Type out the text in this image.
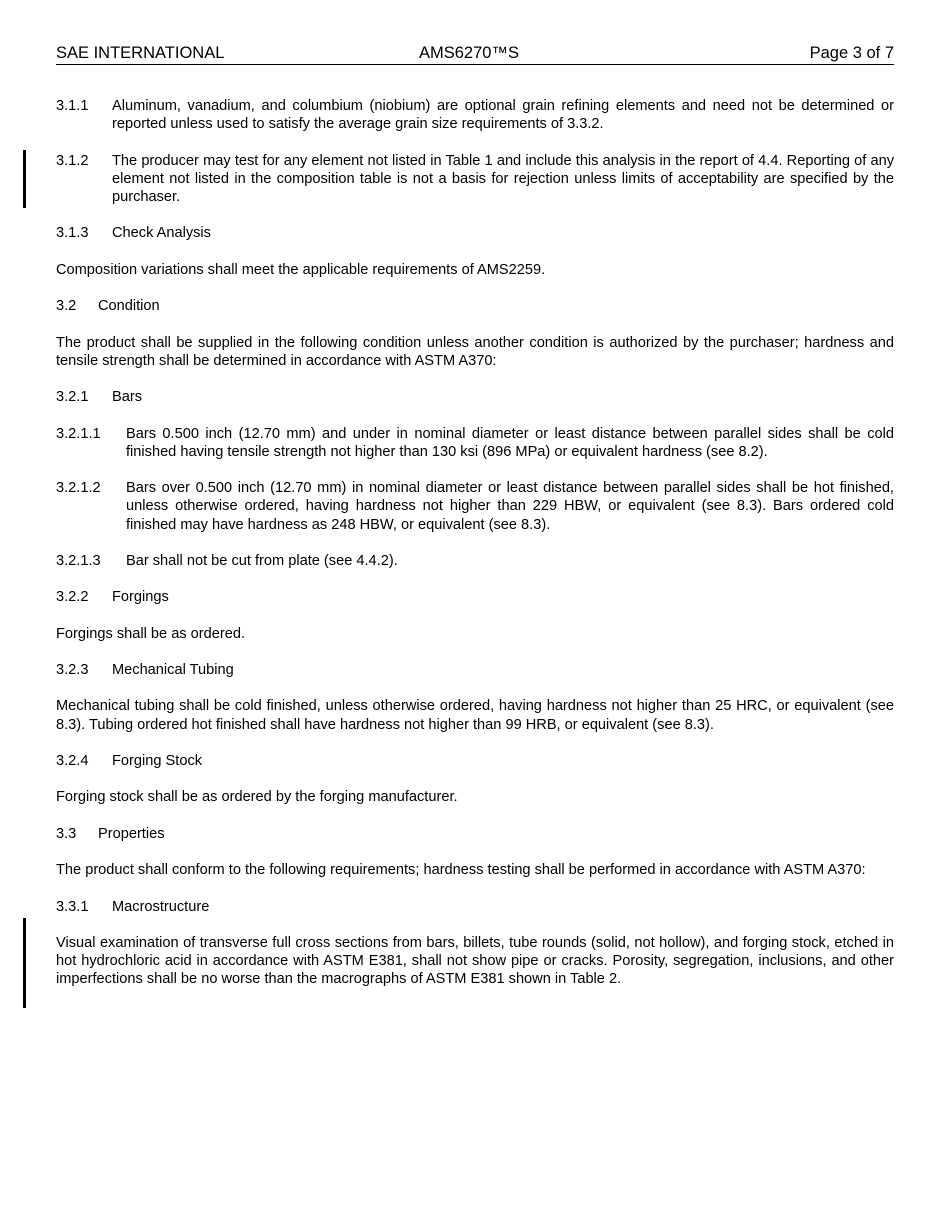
SAE INTERNATIONAL	AMS6270™S	Page 3 of 7
3.1.1 Aluminum, vanadium, and columbium (niobium) are optional grain refining elements and need not be determined or reported unless used to satisfy the average grain size requirements of 3.3.2.
3.1.2 The producer may test for any element not listed in Table 1 and include this analysis in the report of 4.4. Reporting of any element not listed in the composition table is not a basis for rejection unless limits of acceptability are specified by the purchaser.
3.1.3 Check Analysis

Composition variations shall meet the applicable requirements of AMS2259.

3.2 Condition

The product shall be supplied in the following condition unless another condition is authorized by the purchaser; hardness and tensile strength shall be determined in accordance with ASTM A370:

3.2.1 Bars
3.2.1.1 Bars 0.500 inch (12.70 mm) and under in nominal diameter or least distance between parallel sides shall be cold finished having tensile strength not higher than 130 ksi (896 MPa) or equivalent hardness (see 8.2).
3.2.1.2 Bars over 0.500 inch (12.70 mm) in nominal diameter or least distance between parallel sides shall be hot finished, unless otherwise ordered, having hardness not higher than 229 HBW, or equivalent (see 8.3). Bars ordered cold finished may have hardness as 248 HBW, or equivalent (see 8.3).
3.2.1.3 Bar shall not be cut from plate (see 4.4.2).
3.2.2 Forgings

Forgings shall be as ordered.

3.2.3 Mechanical Tubing

Mechanical tubing shall be cold finished, unless otherwise ordered, having hardness not higher than 25 HRC, or equivalent (see 8.3). Tubing ordered hot finished shall have hardness not higher than 99 HRB, or equivalent (see 8.3).

3.2.4 Forging Stock

Forging stock shall be as ordered by the forging manufacturer.

3.3 Properties

The product shall conform to the following requirements; hardness testing shall be performed in accordance with ASTM A370:

3.3.1 Macrostructure

Visual examination of transverse full cross sections from bars, billets, tube rounds (solid, not hollow), and forging stock, etched in hot hydrochloric acid in accordance with ASTM E381, shall not show pipe or cracks. Porosity, segregation, inclusions, and other imperfections shall be no worse than the macrographs of ASTM E381 shown in Table 2.
